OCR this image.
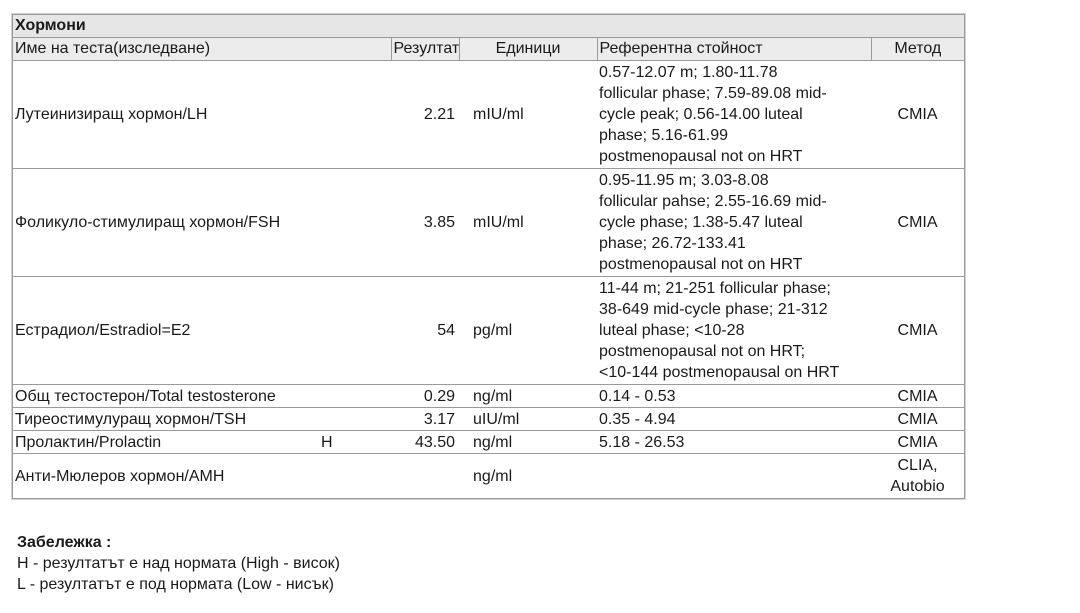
Хормони
Име на теста(изследване)		Резултат	Единици	Референтна стойност	Метод
Лутеинизиращ хормон/LH		2.21	mIU/ml	0.57-12.07 m; 1.80-11.78
follicular phase; 7.59-89.08 mid-
cycle peak; 0.56-14.00 luteal
phase; 5.16-61.99
postmenopausal not on HRT	CMIA
Фоликуло-стимулиращ хормон/FSH		3.85	mIU/ml	0.95-11.95 m; 3.03-8.08
follicular pahse; 2.55-16.69 mid-
cycle phase; 1.38-5.47 luteal
phase; 26.72-133.41
postmenopausal not on HRT	CMIA
Естрадиол/Estradiol=E2		54	pg/ml	11-44 m; 21-251 follicular phase;
38-649 mid-cycle phase; 21-312
luteal phase; <10-28
postmenopausal not on HRT;
<10-144 postmenopausal on HRT	CMIA
Общ тестостерон/Total testosterone		0.29	ng/ml	0.14 - 0.53	CMIA
Тиреостимулуращ хормон/TSH		3.17	uIU/ml	0.35 - 4.94	CMIA
Пролактин/Prolactin	H	43.50	ng/ml	5.18 - 26.53	CMIA
Анти-Мюлеров хормон/AMH			ng/ml		CLIA,
Autobio
Забележка :
H - резултатът е над нормата (High - висок)
L - резултатът е под нормата (Low - нисък)
